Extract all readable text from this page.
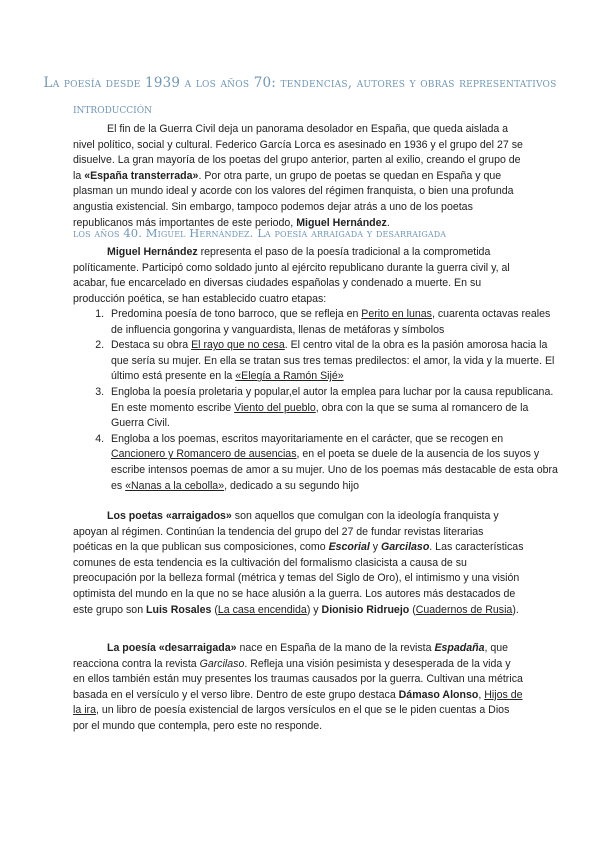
La poesía desde 1939 a los años 70: tendencias, autores y obras representativos
introducción

El fin de la Guerra Civil deja un panorama desolador en España, que queda aislada a nivel político, social y cultural. Federico García Lorca es asesinado en 1936 y el grupo del 27 se disuelve. La gran mayoría de los poetas del grupo anterior, parten al exilio, creando el grupo de la «España transterrada». Por otra parte, un grupo de poetas se quedan en España y que plasman un mundo ideal y acorde con los valores del régimen franquista, o bien una profunda angustia existencial. Sin embargo, tampoco podemos dejar atrás a uno de los poetas republicanos más importantes de este periodo, Miguel Hernández.

los años 40. Miguel Hernández. La poesía arraigada y desarraigada

Miguel Hernández representa el paso de la poesía tradicional a la comprometida políticamente. Participó como soldado junto al ejército republicano durante la guerra civil y, al acabar, fue encarcelado en diversas ciudades españolas y condenado a muerte. En su producción poética, se han establecido cuatro etapas:

1. Predomina poesía de tono barroco, que se refleja en Perito en lunas, cuarenta octavas reales de influencia gongorina y vanguardista, llenas de metáforas y símbolos
2. Destaca su obra El rayo que no cesa. El centro vital de la obra es la pasión amorosa hacia la que sería su mujer. En ella se tratan sus tres temas predilectos: el amor, la vida y la muerte. El último está presente en la «Elegía a Ramón Sijé»
3. Engloba la poesía proletaria y popular,el autor la emplea para luchar por la causa republicana. En este momento escribe Viento del pueblo, obra con la que se suma al romancero de la Guerra Civil.
4. Engloba a los poemas, escritos mayoritariamente en el carácter, que se recogen en Cancionero y Romancero de ausencias, en el poeta se duele de la ausencia de los suyos y escribe intensos poemas de amor a su mujer. Uno de los poemas más destacable de esta obra es «Nanas a la cebolla», dedicado a su segundo hijo

Los poetas «arraigados» son aquellos que comulgan con la ideología franquista y apoyan al régimen. Continúan la tendencia del grupo del 27 de fundar revistas literarias poéticas en la que publican sus composiciones, como Escorial y Garcilaso. Las características comunes de esta tendencia es la cultivación del formalismo clasicista a causa de su preocupación por la belleza formal (métrica y temas del Siglo de Oro), el intimismo y una visión optimista del mundo en la que no se hace alusión a la guerra. Los autores más destacados de este grupo son Luis Rosales (La casa encendida) y Dionisio Ridruejo (Cuadernos de Rusia).

La poesía «desarraigada» nace en España de la mano de la revista Espadaña, que reacciona contra la revista Garcilaso. Refleja una visión pesimista y desesperada de la vida y en ellos también están muy presentes los traumas causados por la guerra. Cultivan una métrica basada en el versículo y el verso libre. Dentro de este grupo destaca Dámaso Alonso, Hijos de la ira, un libro de poesía existencial de largos versículos en el que se le piden cuentas a Dios por el mundo que contempla, pero este no responde.
